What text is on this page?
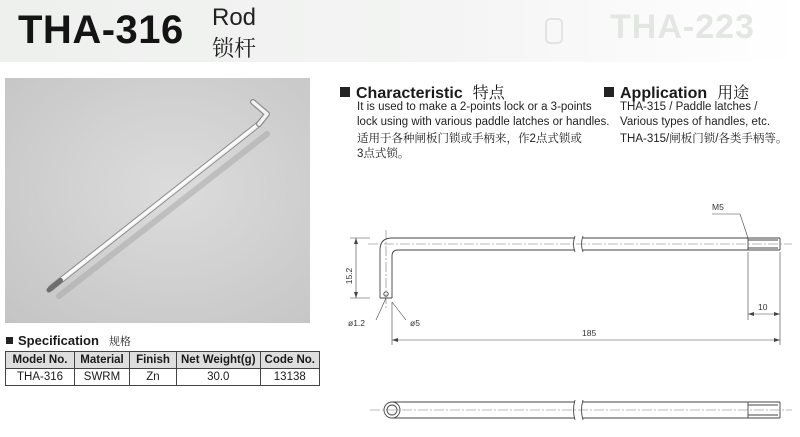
THA-223
THA-316 Rod
锁杆
Characteristic 特点
It is used to make a 2-points lock or a 3-points
lock using with various paddle latches or handles.
适用于各种闸板门锁或手柄来，作2点式锁或
3点式锁。
Application 用途
THA-315 / Paddle latches /
Various types of handles, etc.
THA-315/闸板门锁/各类手柄等。
Specification 规格
Model No.	Material	Finish	Net Weight(g)	Code No.
THA-316	SWRM	Zn	30.0	13138
M5
15.2
ø1.2	ø5
10
185
